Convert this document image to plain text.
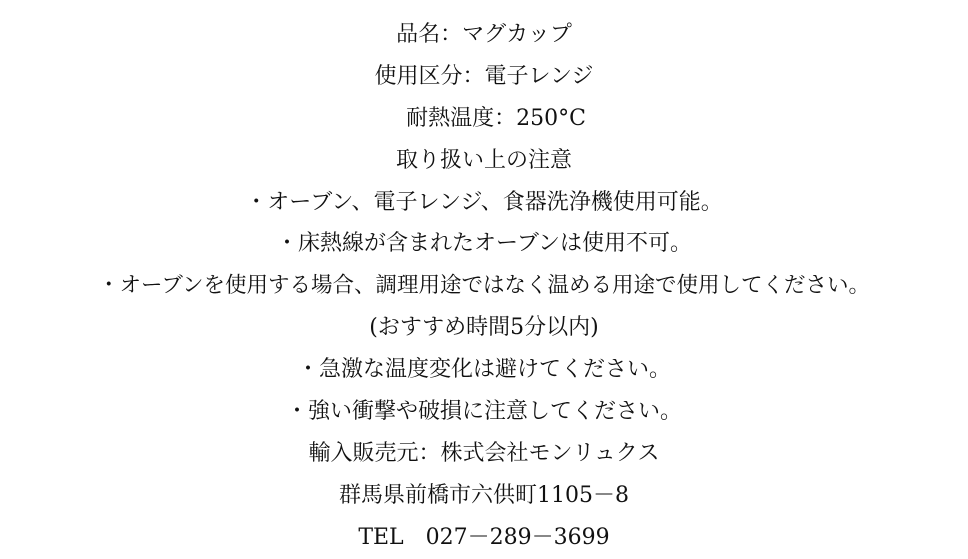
品名：マグカップ
使用区分：電子レンジ
耐熱温度：250°C
取り扱い上の注意
・オーブン、電子レンジ、食器洗浄機使用可能。
・床熱線が含まれたオーブンは使用不可。
・オーブンを使用する場合、調理用途ではなく温める用途で使用してください。
(おすすめ時間5分以内)
・急激な温度変化は避けてください。
・強い衝撃や破損に注意してください。
輸入販売元：株式会社モンリュクス
群馬県前橋市六供町1105－8
TEL　027－289－3699
